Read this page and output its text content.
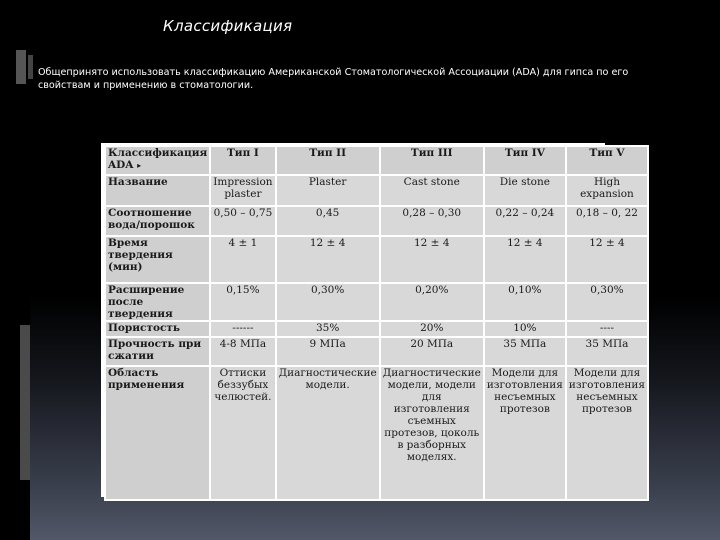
Классификация
Общепринято использовать классификацию Американской Стоматологической Ассоциации (ADA) для гипса по его свойствам и применению в стоматологии.
Классификация ADA ▸	Тип I	Тип II	Тип III	Тип IV	Тип V
Название	Impression plaster	Plaster	Cast stone	Die stone	High expansion
Соотношение вода/порошок	0,50 – 0,75	0,45	0,28 – 0,30	0,22 – 0,24	0,18 – 0, 22
Время твердения (мин)	4 ± 1	12 ± 4	12 ± 4	12 ± 4	12 ± 4
Расширение после твердения	0,15%	0,30%	0,20%	0,10%	0,30%
Пористость	------	35%	20%	10%	----
Прочность при сжатии	4-8 МПа	9 МПа	20 МПа	35 МПа	35 МПа
Область применения	Оттиски беззубых челюстей.	Диагностические модели.	Диагностические модели, модели для изготовления съемных протезов, цоколь в разборных моделях.	Модели для изготовления несъемных протезов	Модели для изготовления несъемных протезов
